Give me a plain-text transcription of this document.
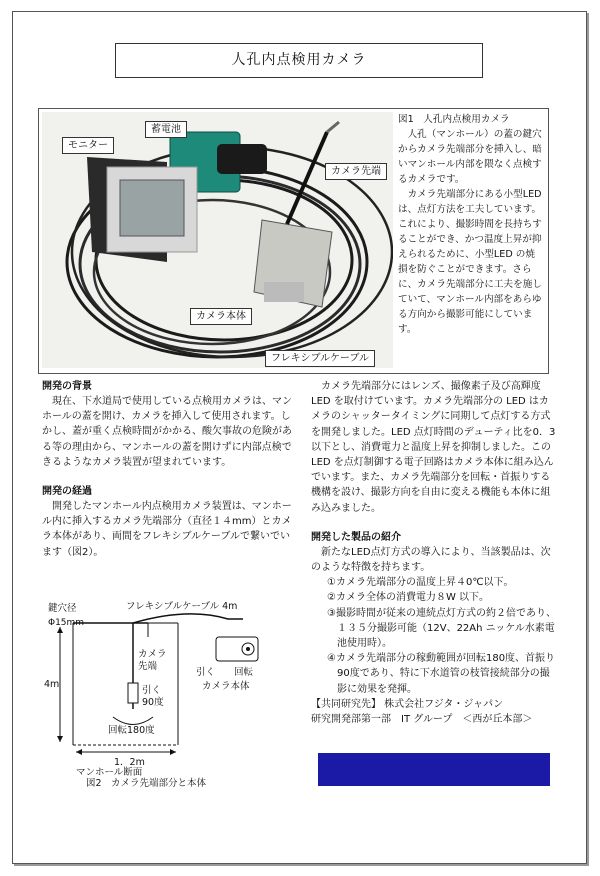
人孔内点検用カメラ
蓄電池
モニター
カメラ先端
カメラ本体
フレキシブルケーブル

図1　人孔内点検用カメラ

人孔（マンホール）の蓋の鍵穴からカメラ先端部分を挿入し、暗いマンホール内部を隈なく点検するカメラです。

カメラ先端部分にある小型LED は、点灯方法を工夫しています。これにより、撮影時間を長持ちすることができ、かつ温度上昇が抑えられるために、小型LED の焼損を防ぐことができます。さらに、カメラ先端部分に工夫を施していて、マンホール内部をあらゆる方向から撮影可能にしています。

開発の背景

現在、下水道局で使用している点検用カメラは、マンホールの蓋を開け、カメラを挿入して使用されます。しかし、蓋が重く点検時間がかかる、酸欠事故の危険がある等の理由から、マンホールの蓋を開けずに内部点検できるようなカメラ装置が望まれています。

開発の経過

開発したマンホール内点検用カメラ装置は、マンホール内に挿入するカメラ先端部分（直径１４mm）とカメラ本体があり、両間をフレキシブルケーブルで繋いでいます（図2）。

鍵穴径
Φ15mm
フレキシブルケーブル 4m
4m
カメラ
先端
引く
90度
回転180度
1．2m
マンホール断面
引く 回転
カメラ本体
図2　カメラ先端部分と本体

カメラ先端部分にはレンズ、撮像素子及び高輝度LED を取付けています。カメラ先端部分の LED はカメラのシャッタータイミングに同期して点灯する方式を開発しました。LED 点灯時間のデューティ比を0．3以下とし、消費電力と温度上昇を抑制しました。この LED を点灯制御する電子回路はカメラ本体に組み込んでいます。また、カメラ先端部分を回転・首振りする機構を設け、撮影方向を自由に変える機能も本体に組み込みました。

開発した製品の紹介

新たなLED点灯方式の導入により、当該製品は、次のような特徴を持ちます。

①カメラ先端部分の温度上昇４0℃以下。

②カメラ全体の消費電力８W 以下。

③撮影時間が従来の連続点灯方式の約２倍であり、１３５分撮影可能（12V、22Ah ニッケル水素電池使用時）。

④カメラ先端部分の稼動範囲が回転180度、首振り90度であり、特に下水道管の枝管接続部分の撮影に効果を発揮。

【共同研究先】 株式会社フジタ・ジャパン

研究開発部第一部　IT グループ　＜西が丘本部＞
